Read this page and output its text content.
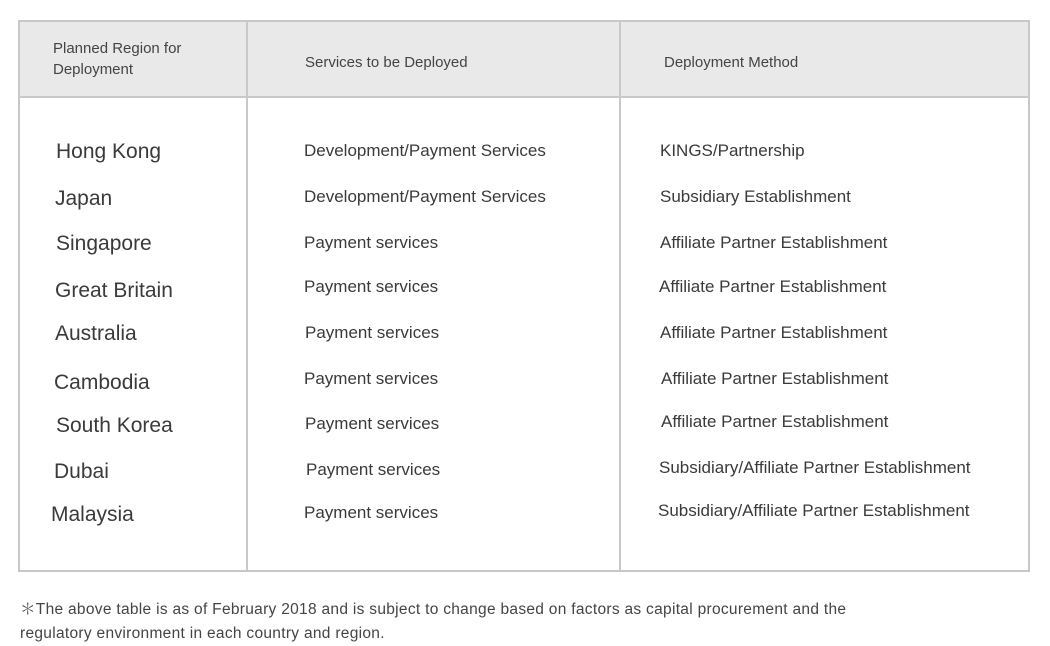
Planned Region for
Deployment	Services to be Deployed	Deployment Method
Hong Kong	Development/Payment Services	KINGS/Partnership
Japan	Development/Payment Services	Subsidiary Establishment
Singapore	Payment services	Affiliate Partner Establishment
Great Britain	Payment services	Affiliate Partner Establishment
Australia	Payment services	Affiliate Partner Establishment
Cambodia	Payment services	Affiliate Partner Establishment
South Korea	Payment services	Affiliate Partner Establishment
Dubai	Payment services	Subsidiary/Affiliate Partner Establishment
Malaysia	Payment services	Subsidiary/Affiliate Partner Establishment
＊The above table is as of February 2018 and is subject to change based on factors as capital procurement and the
regulatory environment in each country and region.
